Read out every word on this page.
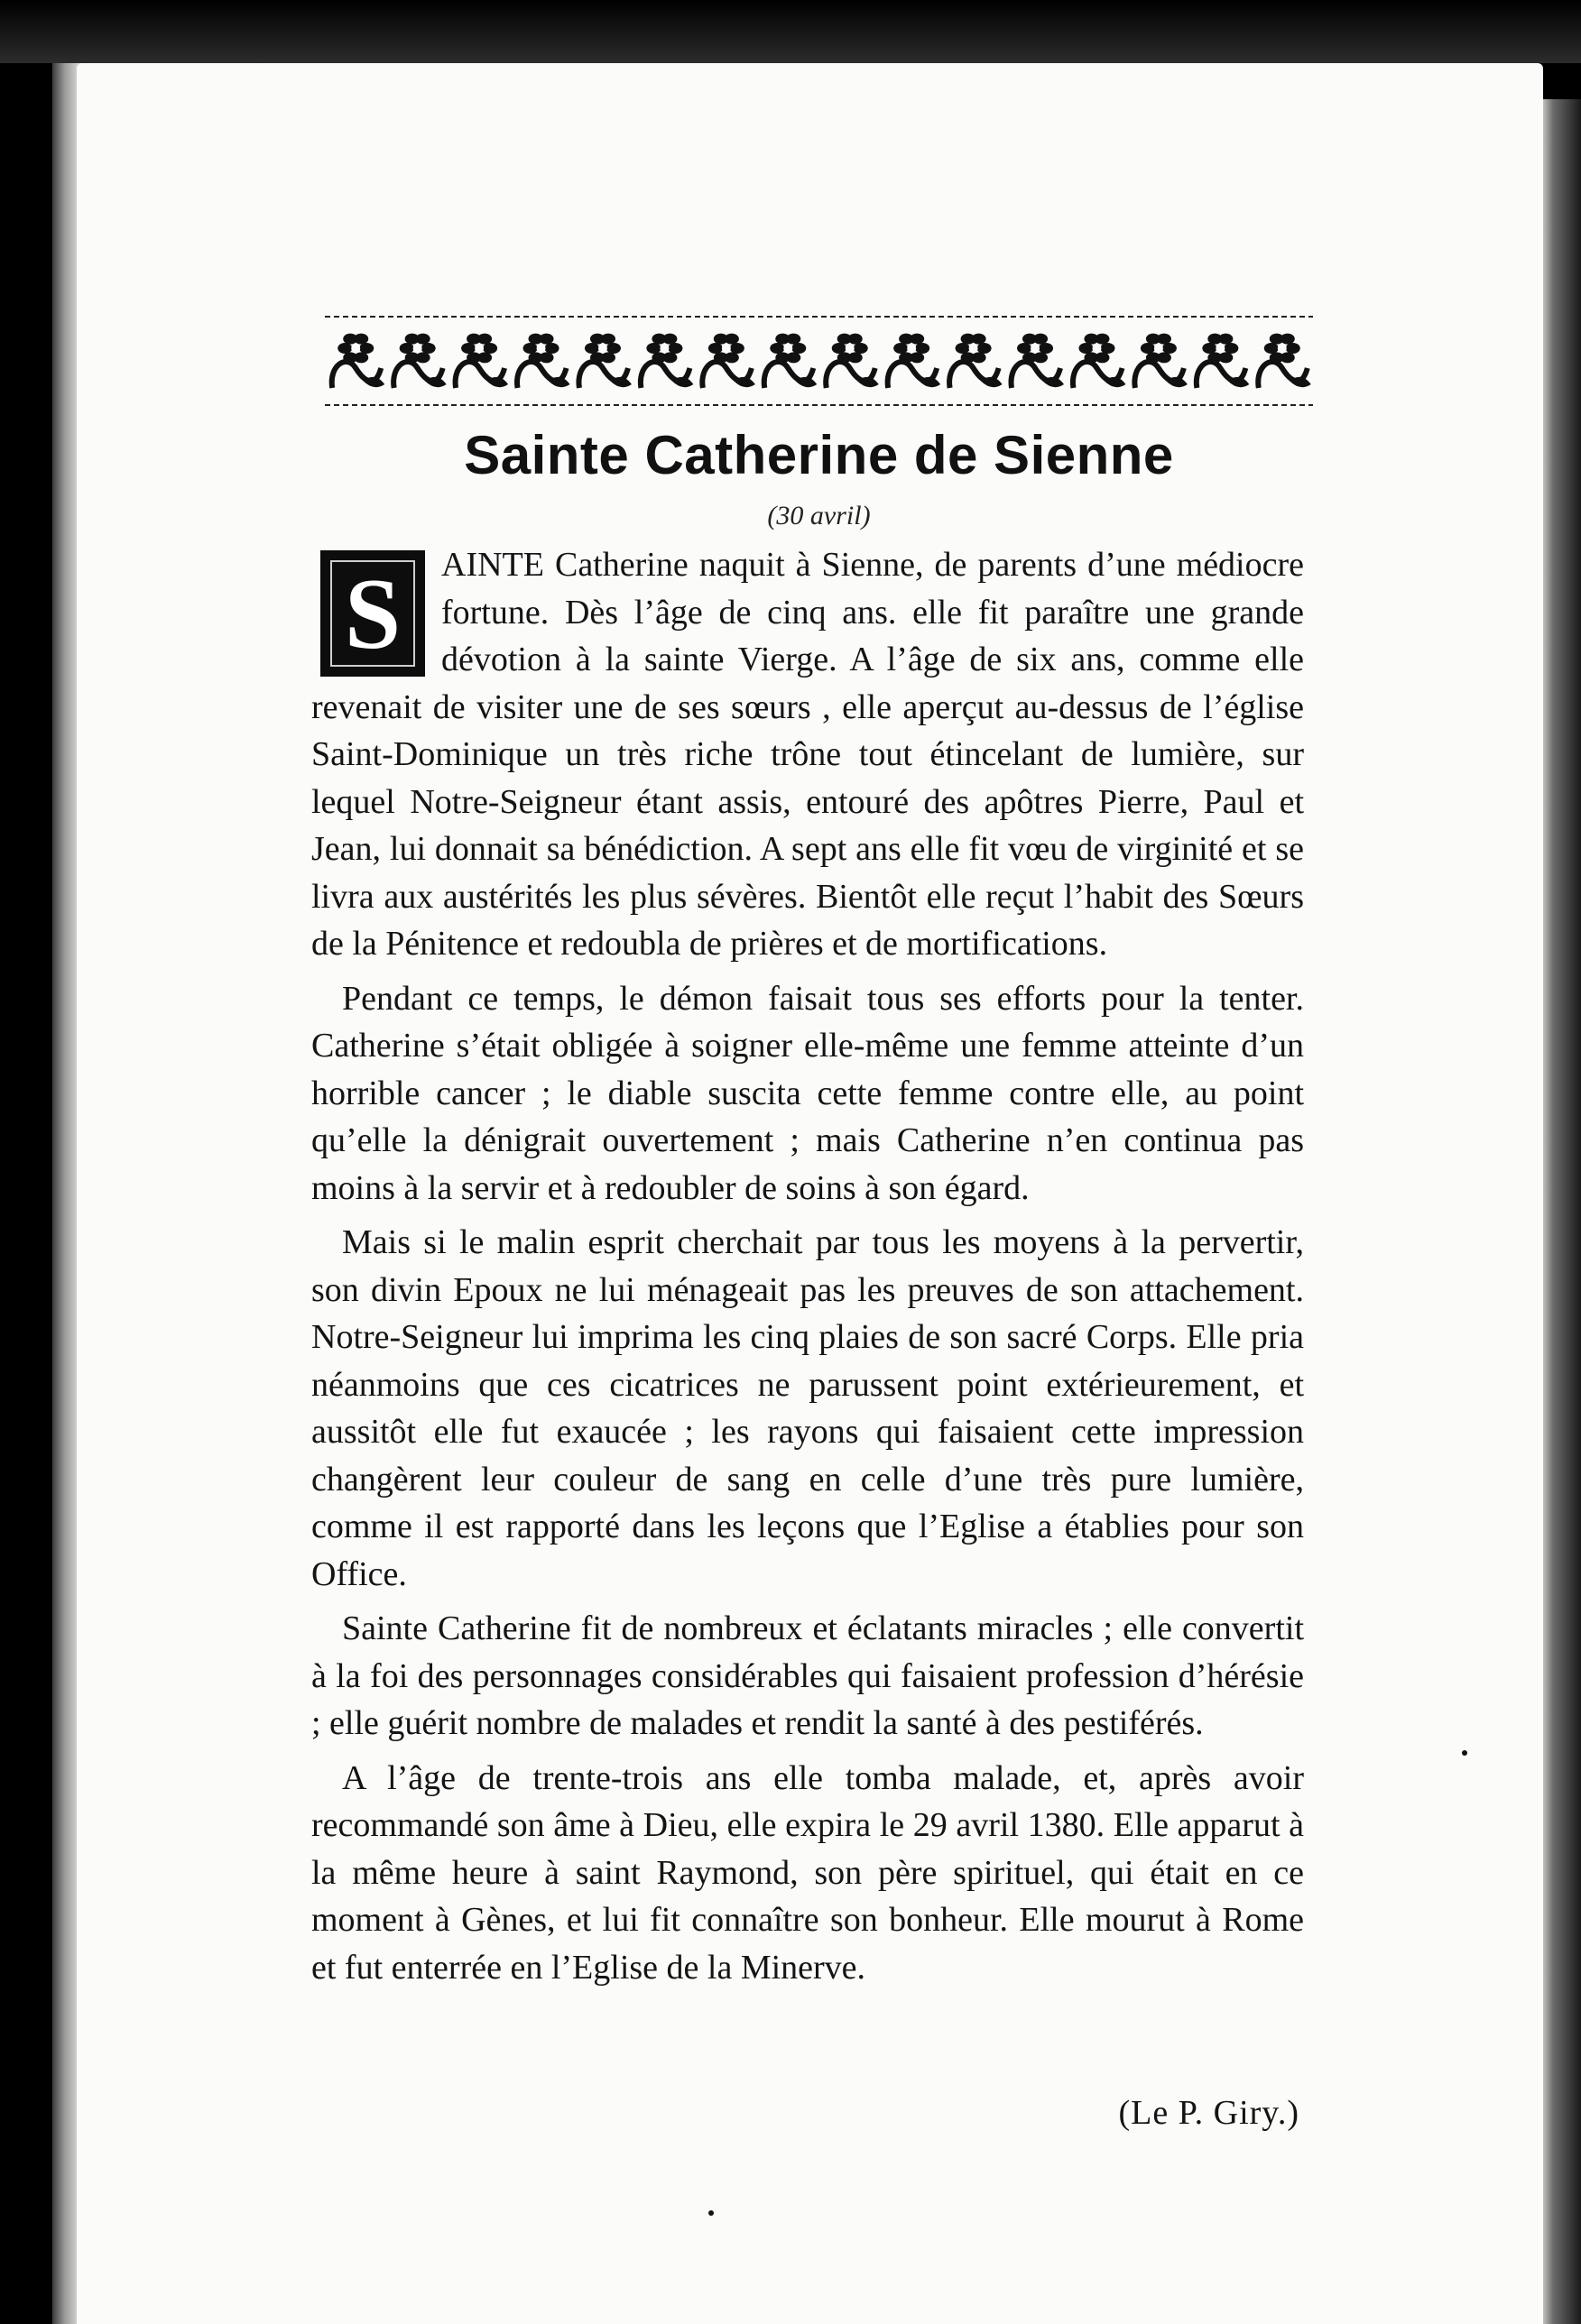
Sainte Catherine de Sienne
(30 avril)

S	AINTE Catherine naquit à Sienne, de parents d’une médiocre fortune. Dès l’âge de cinq ans. elle fit paraître une grande dévotion à la sainte Vierge. A l’âge de six ans, comme elle revenait de visiter une de ses sœurs , elle aperçut au-dessus de l’église Saint-Dominique un très riche trône tout étincelant de lumière, sur lequel Notre-Seigneur étant assis, entouré des apôtres Pierre, Paul et Jean, lui donnait sa bénédiction. A sept ans elle fit vœu de virginité et se livra aux austérités les plus sévères. Bientôt elle reçut l’habit des Sœurs de la Pénitence et redoubla de prières et de mortifications.

Pendant ce temps, le démon faisait tous ses efforts pour la tenter. Catherine s’était obligée à soigner elle-même une femme atteinte d’un horrible cancer ; le diable suscita cette femme contre elle, au point qu’elle la dénigrait ouvertement ; mais Catherine n’en continua pas moins à la servir et à redoubler de soins à son égard.

Mais si le malin esprit cherchait par tous les moyens à la pervertir, son divin Epoux ne lui ménageait pas les preuves de son attachement. Notre-Seigneur lui imprima les cinq plaies de son sacré Corps. Elle pria néanmoins que ces cicatrices ne parussent point extérieurement, et aussitôt elle fut exaucée ; les rayons qui faisaient cette impression changèrent leur couleur de sang en celle d’une très pure lumière, comme il est rapporté dans les leçons que l’Eglise a établies pour son Office.

Sainte Catherine fit de nombreux et éclatants miracles ; elle convertit à la foi des personnages considérables qui faisaient profession d’hérésie ; elle guérit nombre de malades et rendit la santé à des pestiférés.

A l’âge de trente-trois ans elle tomba malade, et, après avoir recommandé son âme à Dieu, elle expira le 29 avril 1380. Elle apparut à la même heure à saint Raymond, son père spirituel, qui était en ce moment à Gènes, et lui fit connaître son bonheur. Elle mourut à Rome et fut enterrée en l’Eglise de la Minerve.

(Le P. Giry.)
